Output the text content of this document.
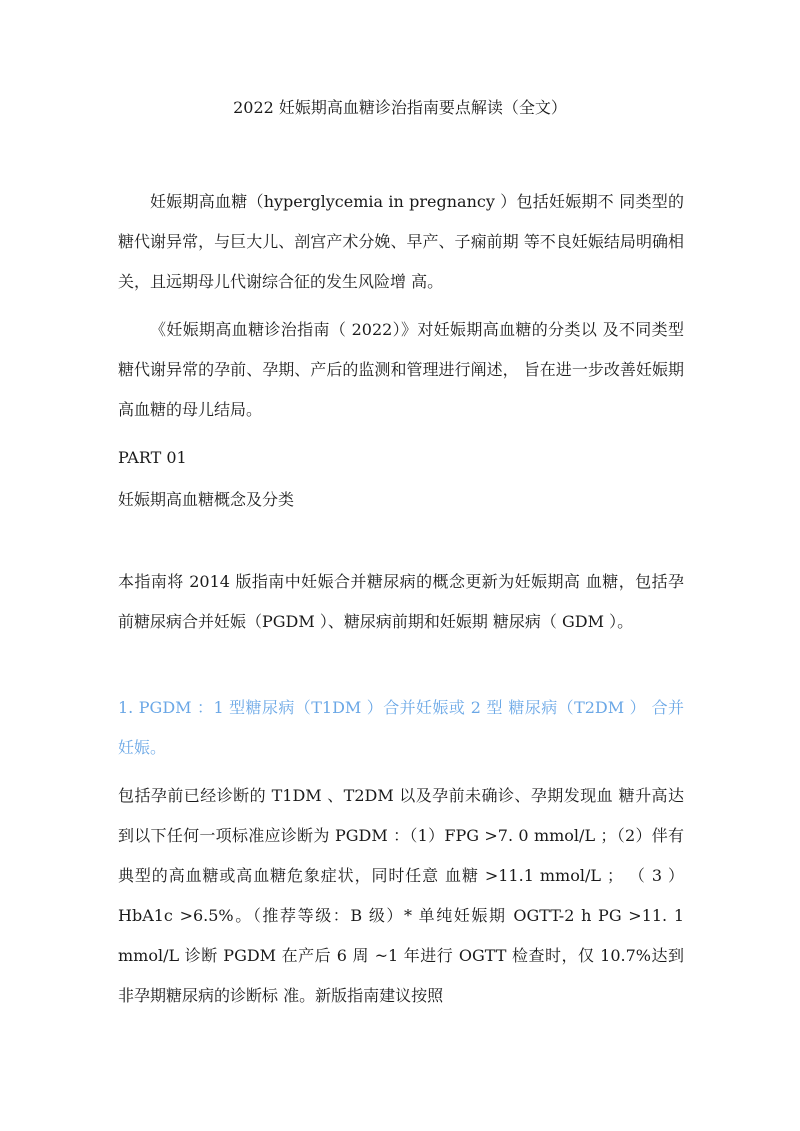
2022 妊娠期高血糖诊治指南要点解读（全文）

妊娠期高血糖（hyperglycemia in pregnancy ）包括妊娠期不 同类型的糖代谢异常，与巨大儿、剖宫产术分娩、早产、子痫前期 等不良妊娠结局明确相关，且远期母儿代谢综合征的发生风险增 高。

《妊娠期高血糖诊治指南（ 2022）》对妊娠期高血糖的分类以 及不同类型糖代谢异常的孕前、孕期、产后的监测和管理进行阐述， 旨在进一步改善妊娠期高血糖的母儿结局。

PART 01
妊娠期高血糖概念及分类

本指南将 2014 版指南中妊娠合并糖尿病的概念更新为妊娠期高 血糖，包括孕前糖尿病合并妊娠（PGDM ）、糖尿病前期和妊娠期 糖尿病（ GDM ）。

1. PGDM ：1 型糖尿病（T1DM ）合并妊娠或 2 型 糖尿病（T2DM ） 合并妊娠。

包括孕前已经诊断的 T1DM 、T2DM 以及孕前未确诊、孕期发现血 糖升高达到以下任何一项标准应诊断为 PGDM ：（1）FPG >7. 0 mmol/L ；（2）伴有典型的高血糖或高血糖危象症状，同时任意 血糖 >11.1 mmol/L ； （ 3 ） HbA1c >6.5%。（推荐等级：B 级）* 单纯妊娠期 OGTT-2 h PG >11. 1 mmol/L 诊断 PGDM 在产后 6 周 ~1 年进行 OGTT 检查时，仅 10.7%达到非孕期糖尿病的诊断标 准。新版指南建议按照
